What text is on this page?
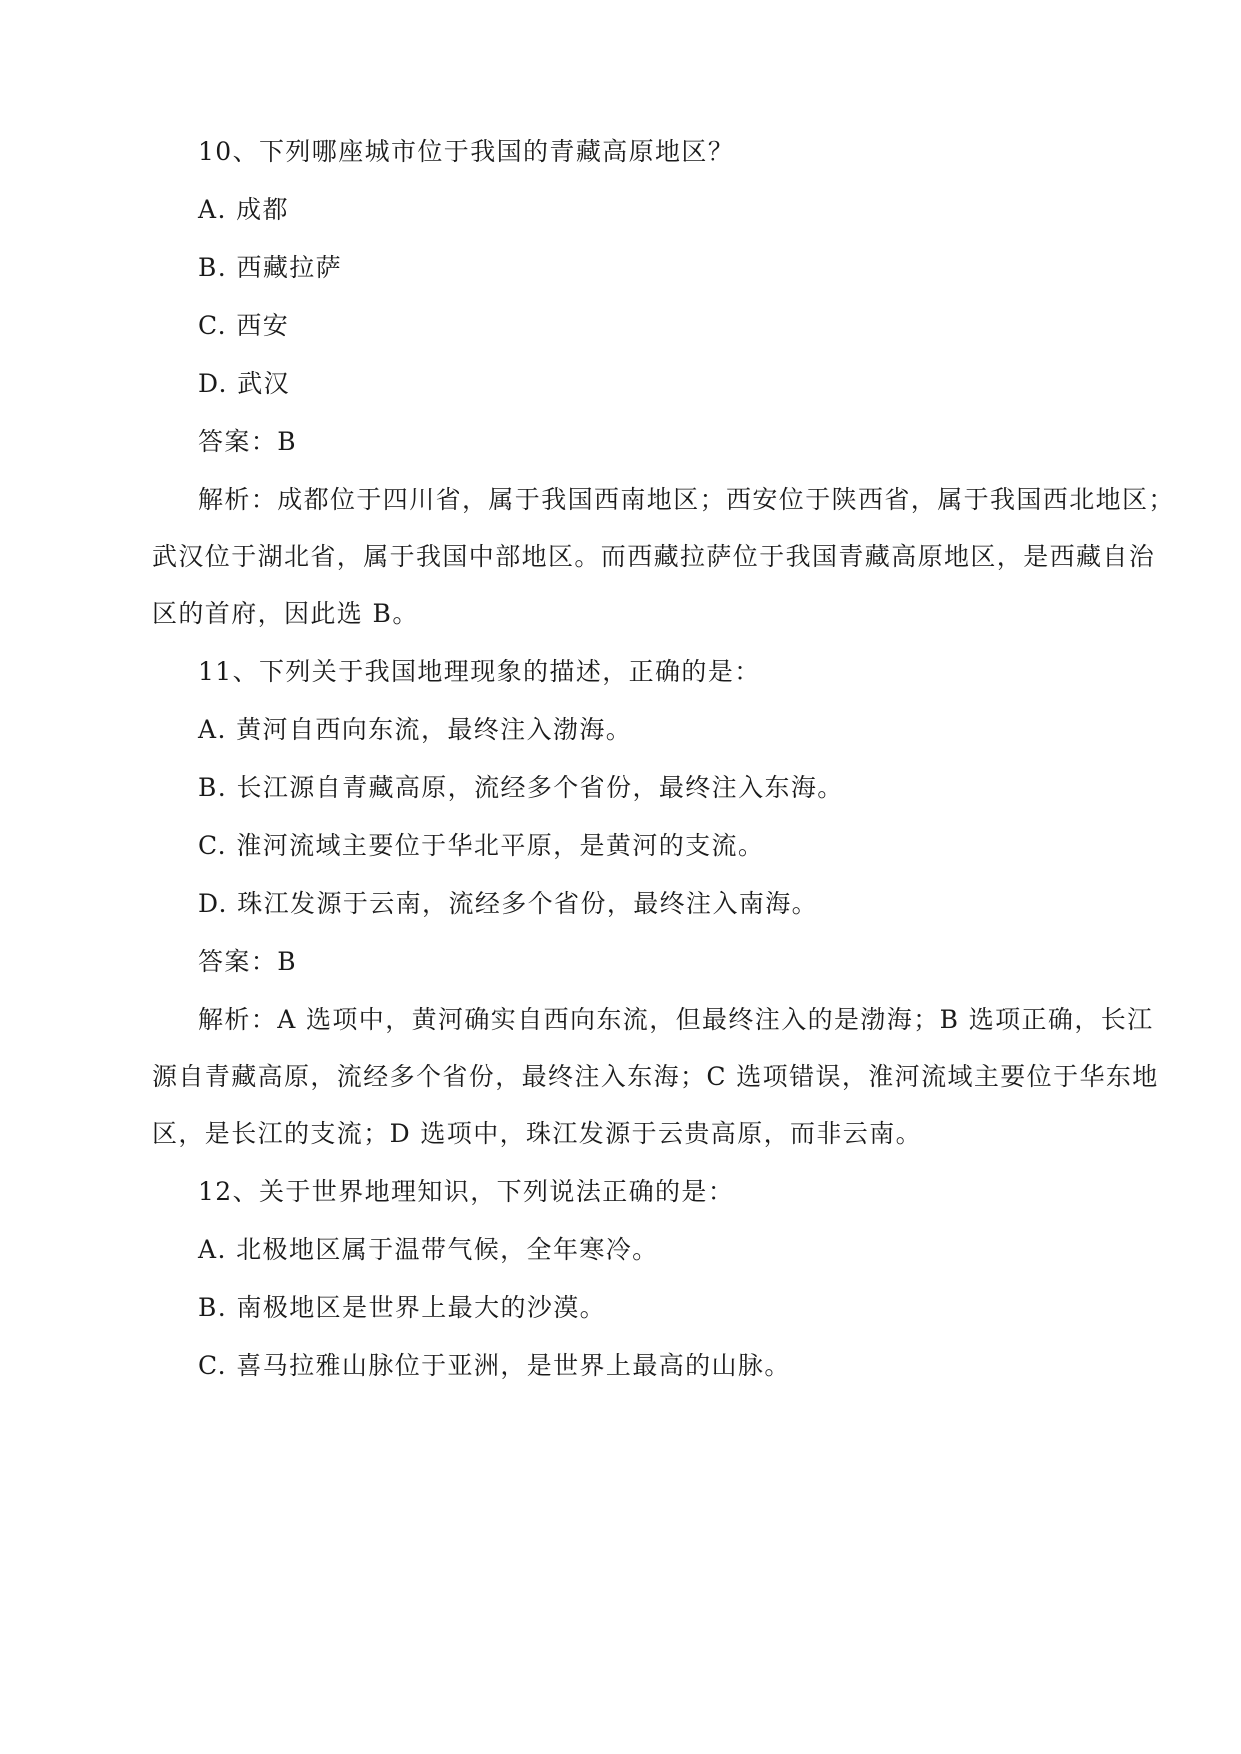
10、下列哪座城市位于我国的青藏高原地区？
A. 成都
B. 西藏拉萨
C. 西安
D. 武汉
答案：B
解析：成都位于四川省，属于我国西南地区；西安位于陕西省，属于我国西北地区；
武汉位于湖北省，属于我国中部地区。而西藏拉萨位于我国青藏高原地区，是西藏自治
区的首府，因此选 B。
11、下列关于我国地理现象的描述，正确的是：
A. 黄河自西向东流，最终注入渤海。
B. 长江源自青藏高原，流经多个省份，最终注入东海。
C. 淮河流域主要位于华北平原，是黄河的支流。
D. 珠江发源于云南，流经多个省份，最终注入南海。
答案：B
解析：A 选项中，黄河确实自西向东流，但最终注入的是渤海；B 选项正确，长江
源自青藏高原，流经多个省份，最终注入东海；C 选项错误，淮河流域主要位于华东地
区，是长江的支流；D 选项中，珠江发源于云贵高原，而非云南。
12、关于世界地理知识，下列说法正确的是：
A. 北极地区属于温带气候，全年寒冷。
B. 南极地区是世界上最大的沙漠。
C. 喜马拉雅山脉位于亚洲，是世界上最高的山脉。
